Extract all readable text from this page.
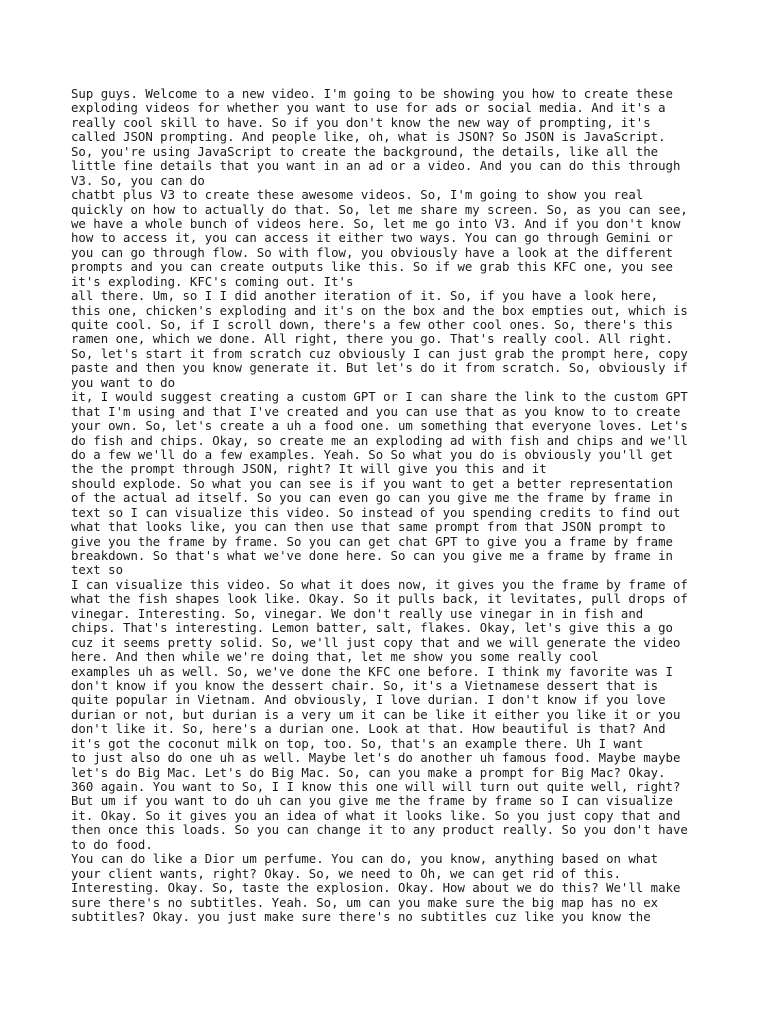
Sup guys. Welcome to a new video. I'm going to be showing you how to create these
exploding videos for whether you want to use for ads or social media. And it's a
really cool skill to have. So if you don't know the new way of prompting, it's
called JSON prompting. And people like, oh, what is JSON? So JSON is JavaScript.
So, you're using JavaScript to create the background, the details, like all the
little fine details that you want in an ad or a video. And you can do this through
V3. So, you can do
chatbt plus V3 to create these awesome videos. So, I'm going to show you real
quickly on how to actually do that. So, let me share my screen. So, as you can see,
we have a whole bunch of videos here. So, let me go into V3. And if you don't know
how to access it, you can access it either two ways. You can go through Gemini or
you can go through flow. So with flow, you obviously have a look at the different
prompts and you can create outputs like this. So if we grab this KFC one, you see
it's exploding. KFC's coming out. It's
all there. Um, so I I did another iteration of it. So, if you have a look here,
this one, chicken's exploding and it's on the box and the box empties out, which is
quite cool. So, if I scroll down, there's a few other cool ones. So, there's this
ramen one, which we done. All right, there you go. That's really cool. All right.
So, let's start it from scratch cuz obviously I can just grab the prompt here, copy
paste and then you know generate it. But let's do it from scratch. So, obviously if
you want to do
it, I would suggest creating a custom GPT or I can share the link to the custom GPT
that I'm using and that I've created and you can use that as you know to to create
your own. So, let's create a uh a food one. um something that everyone loves. Let's
do fish and chips. Okay, so create me an exploding ad with fish and chips and we'll
do a few we'll do a few examples. Yeah. So So what you do is obviously you'll get
the the prompt through JSON, right? It will give you this and it
should explode. So what you can see is if you want to get a better representation
of the actual ad itself. So you can even go can you give me the frame by frame in
text so I can visualize this video. So instead of you spending credits to find out
what that looks like, you can then use that same prompt from that JSON prompt to
give you the frame by frame. So you can get chat GPT to give you a frame by frame
breakdown. So that's what we've done here. So can you give me a frame by frame in
text so
I can visualize this video. So what it does now, it gives you the frame by frame of
what the fish shapes look like. Okay. So it pulls back, it levitates, pull drops of
vinegar. Interesting. So, vinegar. We don't really use vinegar in in fish and
chips. That's interesting. Lemon batter, salt, flakes. Okay, let's give this a go
cuz it seems pretty solid. So, we'll just copy that and we will generate the video
here. And then while we're doing that, let me show you some really cool
examples uh as well. So, we've done the KFC one before. I think my favorite was I
don't know if you know the dessert chair. So, it's a Vietnamese dessert that is
quite popular in Vietnam. And obviously, I love durian. I don't know if you love
durian or not, but durian is a very um it can be like it either you like it or you
don't like it. So, here's a durian one. Look at that. How beautiful is that? And
it's got the coconut milk on top, too. So, that's an example there. Uh I want
to just also do one uh as well. Maybe let's do another uh famous food. Maybe maybe
let's do Big Mac. Let's do Big Mac. So, can you make a prompt for Big Mac? Okay.
360 again. You want to So, I I know this one will will turn out quite well, right?
But um if you want to do uh can you give me the frame by frame so I can visualize
it. Okay. So it gives you an idea of what it looks like. So you just copy that and
then once this loads. So you can change it to any product really. So you don't have
to do food.
You can do like a Dior um perfume. You can do, you know, anything based on what
your client wants, right? Okay. So, we need to Oh, we can get rid of this.
Interesting. Okay. So, taste the explosion. Okay. How about we do this? We'll make
sure there's no subtitles. Yeah. So, um can you make sure the big map has no ex
subtitles? Okay. you just make sure there's no subtitles cuz like you know the
